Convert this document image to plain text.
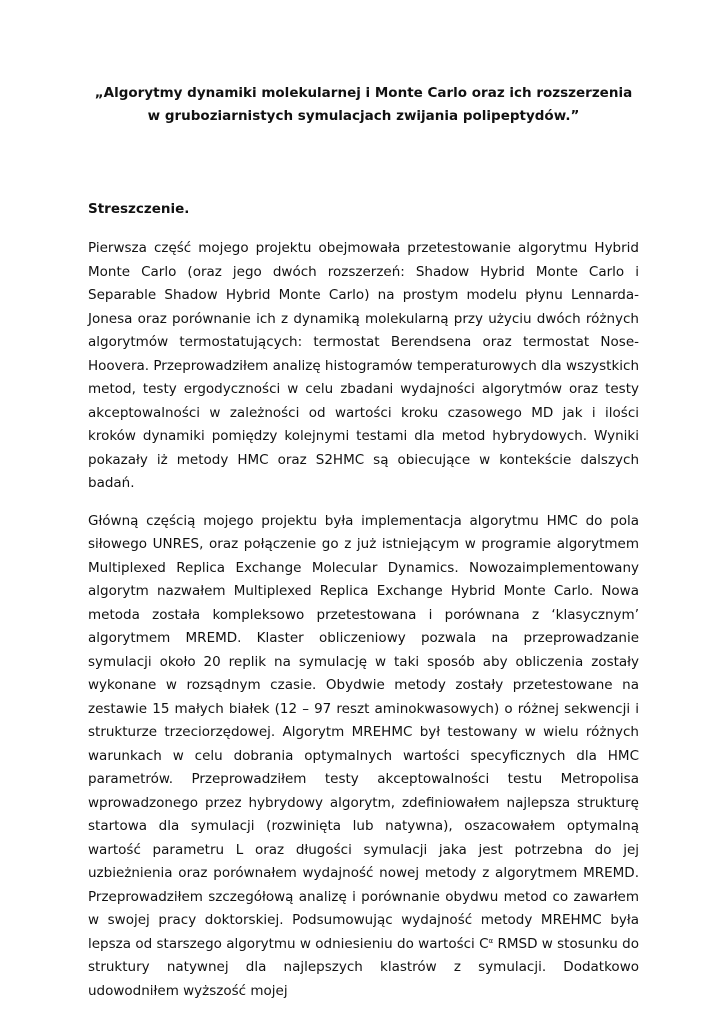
„Algorytmy dynamiki molekularnej i Monte Carlo oraz ich rozszerzenia w gruboziarnistych symulacjach zwijania polipeptydów.”

Streszczenie.

Pierwsza część mojego projektu obejmowała przetestowanie algorytmu Hybrid Monte Carlo (oraz jego dwóch rozszerzeń: Shadow Hybrid Monte Carlo i Separable Shadow Hybrid Monte Carlo) na prostym modelu płynu Lennarda-Jonesa oraz porównanie ich z dynamiką molekularną przy użyciu dwóch różnych algorytmów termostatujących: termostat Berendsena oraz termostat Nose-Hoovera. Przeprowadziłem analizę histogramów temperaturowych dla wszystkich metod, testy ergodyczności w celu zbadani wydajności algorytmów oraz testy akceptowalności w zależności od wartości kroku czasowego MD jak i ilości kroków dynamiki pomiędzy kolejnymi testami dla metod hybrydowych. Wyniki pokazały iż metody HMC oraz S2HMC są obiecujące w kontekście dalszych badań.

Główną częścią mojego projektu była implementacja algorytmu HMC do pola siłowego UNRES, oraz połączenie go z już istniejącym w programie algorytmem Multiplexed Replica Exchange Molecular Dynamics. Nowozaimplementowany algorytm nazwałem Multiplexed Replica Exchange Hybrid Monte Carlo. Nowa metoda została kompleksowo przetestowana i porównana z ‘klasycznym’ algorytmem MREMD. Klaster obliczeniowy pozwala na przeprowadzanie symulacji około 20 replik na symulację w taki sposób aby obliczenia zostały wykonane w rozsądnym czasie. Obydwie metody zostały przetestowane na zestawie 15 małych białek (12 – 97 reszt aminokwasowych) o różnej sekwencji i strukturze trzeciorzędowej. Algorytm MREHMC był testowany w wielu różnych warunkach w celu dobrania optymalnych wartości specyficznych dla HMC parametrów. Przeprowadziłem testy akceptowalności testu Metropolisa wprowadzonego przez hybrydowy algorytm, zdefiniowałem najlepsza strukturę startowa dla symulacji (rozwinięta lub natywna), oszacowałem optymalną wartość parametru L oraz długości symulacji jaka jest potrzebna do jej uzbieżnienia oraz porównałem wydajność nowej metody z algorytmem MREMD. Przeprowadziłem szczegółową analizę i porównanie obydwu metod co zawarłem w swojej pracy doktorskiej. Podsumowując wydajność metody MREHMC była lepsza od starszego algorytmu w odniesieniu do wartości $C^\alpha$ RMSD w stosunku do struktury natywnej dla najlepszych klastrów z symulacji. Dodatkowo udowodniłem wyższość mojej
